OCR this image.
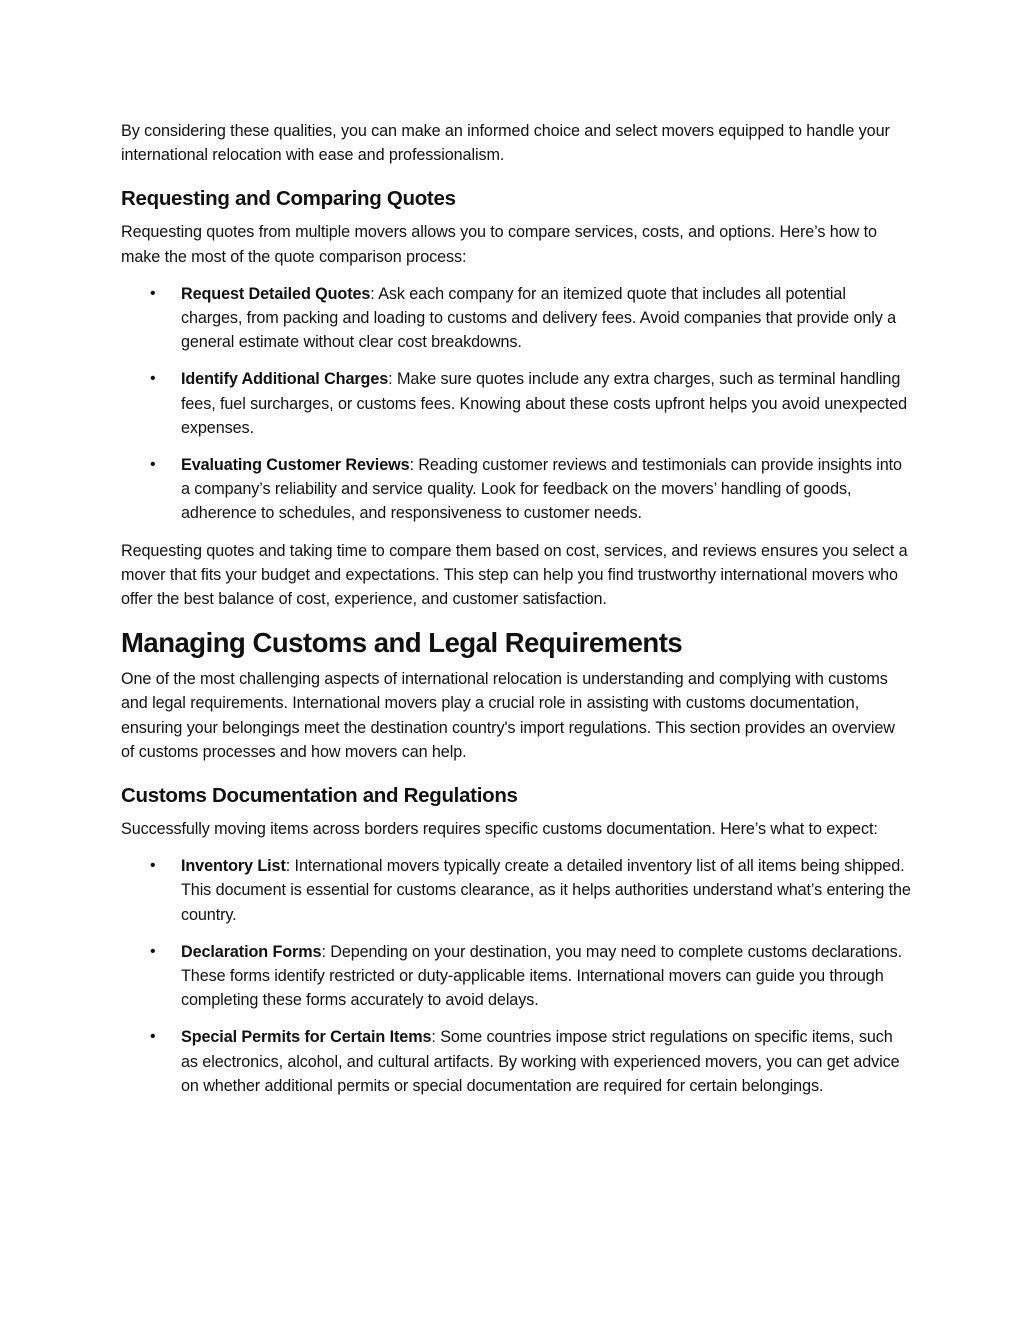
By considering these qualities, you can make an informed choice and select movers equipped to handle your international relocation with ease and professionalism.

Requesting and Comparing Quotes

Requesting quotes from multiple movers allows you to compare services, costs, and options. Here’s how to make the most of the quote comparison process:

• Request Detailed Quotes: Ask each company for an itemized quote that includes all potential charges, from packing and loading to customs and delivery fees. Avoid companies that provide only a general estimate without clear cost breakdowns.
• Identify Additional Charges: Make sure quotes include any extra charges, such as terminal handling fees, fuel surcharges, or customs fees. Knowing about these costs upfront helps you avoid unexpected expenses.
• Evaluating Customer Reviews: Reading customer reviews and testimonials can provide insights into a company’s reliability and service quality. Look for feedback on the movers’ handling of goods, adherence to schedules, and responsiveness to customer needs.

Requesting quotes and taking time to compare them based on cost, services, and reviews ensures you select a mover that fits your budget and expectations. This step can help you find trustworthy international movers who offer the best balance of cost, experience, and customer satisfaction.

Managing Customs and Legal Requirements

One of the most challenging aspects of international relocation is understanding and complying with customs and legal requirements. International movers play a crucial role in assisting with customs documentation, ensuring your belongings meet the destination country's import regulations. This section provides an overview of customs processes and how movers can help.

Customs Documentation and Regulations

Successfully moving items across borders requires specific customs documentation. Here’s what to expect:

• Inventory List: International movers typically create a detailed inventory list of all items being shipped. This document is essential for customs clearance, as it helps authorities understand what’s entering the country.
• Declaration Forms: Depending on your destination, you may need to complete customs declarations. These forms identify restricted or duty-applicable items. International movers can guide you through completing these forms accurately to avoid delays.
• Special Permits for Certain Items: Some countries impose strict regulations on specific items, such as electronics, alcohol, and cultural artifacts. By working with experienced movers, you can get advice on whether additional permits or special documentation are required for certain belongings.
